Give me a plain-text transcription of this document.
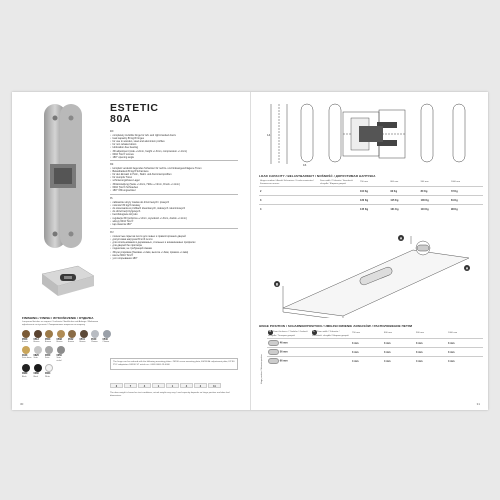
ESTETIC
80A
EN
• completely invisible hinge for left- and right-handed doors
• load capacity 80 kg/3 hinges
• for use in wooden, steel and aluminium profiles
• for non rebated doors
• lubrication-free bearing
• 3D adjustment (side +/-2mm, height +/-3mm, compression +/-1mm)
• 6010 Torx® screws
• 180° opening angle
DE
• komplett verdeckt liegendes Scharnier für rechts- und linksangeschlagene Türen
• Belastbarkeit 80 kg/3 Scharniere
• für den Einsatz in Holz-, Stahl- und Aluminiumprofilen
• für stumpfe Türen
• schmierungsfreies Lager
• 3D-Einstellung (Seite +/-2mm, Höhe +/-3mm, Druck +/-1mm)
• 6010 Torx®-Schrauben
• 180° Öffnungswinkel
PL
• całkowicie ukryty zawias do drzwi lewych i prawych
• nośność 80 kg/3 zawiasy
• do stosowania w profilach drewnianych, stalowych i aluminiowych
• do drzwi bezprzylgowych
• bezobsługowe łożysko
• regulacja 3D (pozioma +/-2mm, wysokość +/-3mm, docisk +/-1mm)
• wkręty 6010 Torx®
• kąt otwarcia 180°
RU
• полностью скрытая петля для левых и правосторонних дверей
• допустимая нагрузка 80 кг/3 петли
• для использования в деревянных, стальных и алюминиевых профилях
• для дверей без притвора
• подшипник, не требующий смазки
• 3D-регулировка (боковая +/-2мм, высота +/-3мм, прижим +/-1мм)
• винты 6010 Torx®
• угол открывания 180°
FINISHING / FINISH / WYKOŃCZENIE / ОТДЕЛКА
Lacquered finishes on request / Lackierte Oberflächen auf Anfrage / Malowane wykończenie na życzenie / Лакированные покрытия по запросу
0503
Bronze
0512
Bronze
0504
Bronze
0538
Bronze
0542
Bronze
0541
Bronze
0540
Chrome
0540
Chrome
0043
Satin brass
0820
Satin
0050
Satin
0050
Satin nickel
0080
Black
0080
Black
0064
White
The hinge can be ordered with the following mounting plates: ZM 80 screw mounting plate, EM 80 AL adjustment plate, KP 80 PVC adaptation. EM 80 ST article no.: 0403-0000-13-0000
3	7	4	1	1	4	2	11
The door weight is based on test conditions, actual weight may vary. Load capacity depends on hinge position and door leaf dimensions.
30
14
16
LOAD CAPACITY / BELASTBARKEIT / NOŚNOŚĆ / ДОПУСТИМАЯ НАГРУЗКА
Hinges number / Anzahl Scharniere / Liczba zawiasów / Количество петель	Door width / Türbreite / Szerokość skrzydła / Ширина дверей	750 mm	800 mm	900 mm	1000 mm
2		110 Kg	90 Kg	80 Kg	72 Kg
3		130 Kg	115 Kg	100 Kg	81 Kg
4		145 Kg	131 Kg	110 Kg	98 Kg
A
B
A
HINGE POSITION / SCHARNIERPOSITION / UMIEJSCOWIENIE ZAWIASÓW / РАСПОЛОЖЕНИЕ ПЕТЛИ
Hinge position / Scharnierposition
B Door thickness / Türdicke / Grubość skrzydła / Толщина дверей	L Door width / Türbreite / Szerokość skrzydła / Ширина дверей	750 mm	800 mm	900 mm	1000 mm
46 mm		3 mm	3 mm	3 mm	3 mm
56 mm		3 mm	3 mm	3 mm	3 mm
66 mm		4 mm	4 mm	4 mm	4 mm
31
